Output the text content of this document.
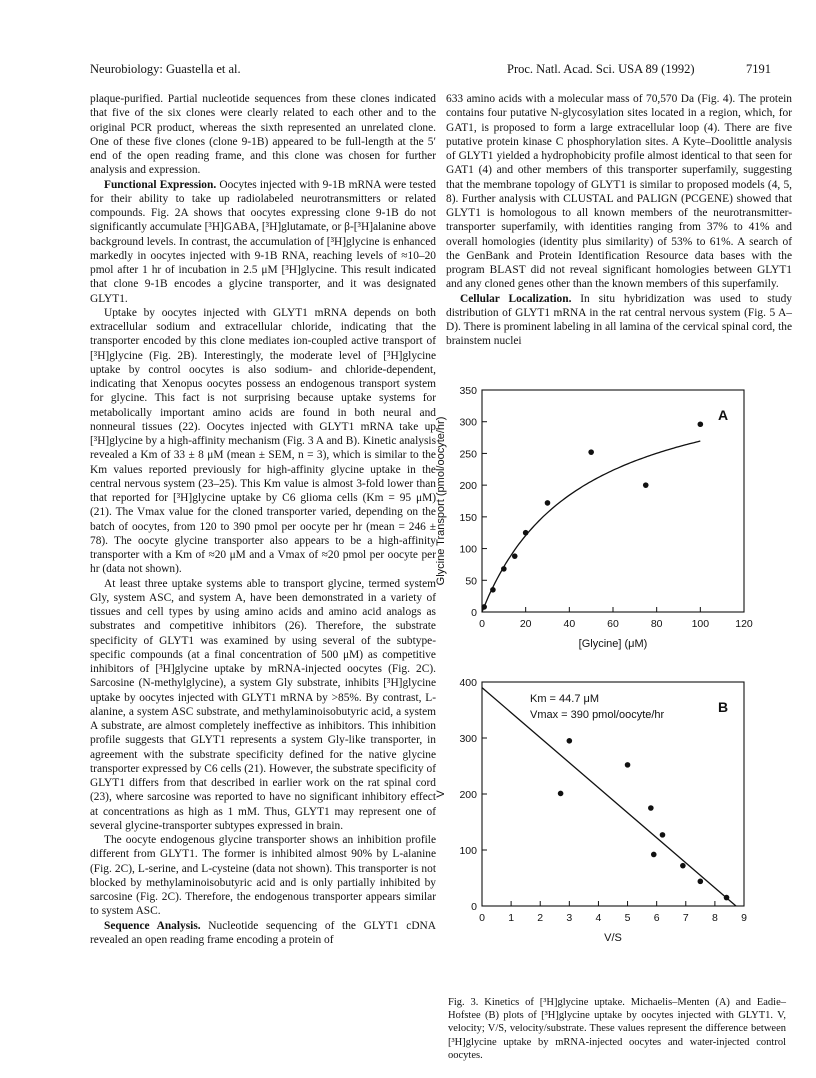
Neurobiology: Guastella et al.	Proc. Natl. Acad. Sci. USA 89 (1992)	7191

plaque-purified. Partial nucleotide sequences from these clones indicated that five of the six clones were clearly related to each other and to the original PCR product, whereas the sixth represented an unrelated clone. One of these five clones (clone 9-1B) appeared to be full-length at the 5′ end of the open reading frame, and this clone was chosen for further analysis and expression.

Functional Expression. Oocytes injected with 9-1B mRNA were tested for their ability to take up radiolabeled neurotransmitters or related compounds. Fig. 2A shows that oocytes expressing clone 9-1B do not significantly accumulate [³H]GABA, [³H]glutamate, or β-[³H]alanine above background levels. In contrast, the accumulation of [³H]glycine is enhanced markedly in oocytes injected with 9-1B RNA, reaching levels of ≈10–20 pmol after 1 hr of incubation in 2.5 μM [³H]glycine. This result indicated that clone 9-1B encodes a glycine transporter, and it was designated GLYT1.

Uptake by oocytes injected with GLYT1 mRNA depends on both extracellular sodium and extracellular chloride, indicating that the transporter encoded by this clone mediates ion-coupled active transport of [³H]glycine (Fig. 2B). Interestingly, the moderate level of [³H]glycine uptake by control oocytes is also sodium- and chloride-dependent, indicating that Xenopus oocytes possess an endogenous transport system for glycine. This fact is not surprising because uptake systems for metabolically important amino acids are found in both neural and nonneural tissues (22). Oocytes injected with GLYT1 mRNA take up [³H]glycine by a high-affinity mechanism (Fig. 3 A and B). Kinetic analysis revealed a Km of 33 ± 8 μM (mean ± SEM, n = 3), which is similar to the Km values reported previously for high-affinity glycine uptake in the central nervous system (23–25). This Km value is almost 3-fold lower than that reported for [³H]glycine uptake by C6 glioma cells (Km = 95 μM) (21). The Vmax value for the cloned transporter varied, depending on the batch of oocytes, from 120 to 390 pmol per oocyte per hr (mean = 246 ± 78). The oocyte glycine transporter also appears to be a high-affinity transporter with a Km of ≈20 μM and a Vmax of ≈20 pmol per oocyte per hr (data not shown).

At least three uptake systems able to transport glycine, termed system Gly, system ASC, and system A, have been demonstrated in a variety of tissues and cell types by using amino acids and amino acid analogs as substrates and competitive inhibitors (26). Therefore, the substrate specificity of GLYT1 was examined by using several of the subtype-specific compounds (at a final concentration of 500 μM) as competitive inhibitors of [³H]glycine uptake by mRNA-injected oocytes (Fig. 2C). Sarcosine (N-methylglycine), a system Gly substrate, inhibits [³H]glycine uptake by oocytes injected with GLYT1 mRNA by >85%. By contrast, L-alanine, a system ASC substrate, and methylaminoisobutyric acid, a system A substrate, are almost completely ineffective as inhibitors. This inhibition profile suggests that GLYT1 represents a system Gly-like transporter, in agreement with the substrate specificity defined for the native glycine transporter expressed by C6 cells (21). However, the substrate specificity of GLYT1 differs from that described in earlier work on the rat spinal cord (23), where sarcosine was reported to have no significant inhibitory effect at concentrations as high as 1 mM. Thus, GLYT1 may represent one of several glycine-transporter subtypes expressed in brain.

The oocyte endogenous glycine transporter shows an inhibition profile different from GLYT1. The former is inhibited almost 90% by L-alanine (Fig. 2C), L-serine, and L-cysteine (data not shown). This transporter is not blocked by methylaminoisobutyric acid and is only partially inhibited by sarcosine (Fig. 2C). Therefore, the endogenous transporter appears similar to system ASC.

Sequence Analysis. Nucleotide sequencing of the GLYT1 cDNA revealed an open reading frame encoding a protein of

633 amino acids with a molecular mass of 70,570 Da (Fig. 4). The protein contains four putative N-glycosylation sites located in a region, which, for GAT1, is proposed to form a large extracellular loop (4). There are five putative protein kinase C phosphorylation sites. A Kyte–Doolittle analysis of GLYT1 yielded a hydrophobicity profile almost identical to that seen for GAT1 (4) and other members of this transporter superfamily, suggesting that the membrane topology of GLYT1 is similar to proposed models (4, 5, 8). Further analysis with CLUSTAL and PALIGN (PCGENE) showed that GLYT1 is homologous to all known members of the neurotransmitter-transporter superfamily, with identities ranging from 37% to 41% and overall homologies (identity plus similarity) of 53% to 61%. A search of the GenBank and Protein Identification Resource data bases with the program BLAST did not reveal significant homologies between GLYT1 and any cloned genes other than the known members of this superfamily.

Cellular Localization. In situ hybridization was used to study distribution of GLYT1 mRNA in the rat central nervous system (Fig. 5 A–D). There is prominent labeling in all lamina of the cervical spinal cord, the brainstem nuclei

0	20	40	60	80	100 120
0
50
100
150
200
250
300
350
A
[Glycine] (μM)
Glycine Transport (pmol/oocyte/hr)
0 1 2 3 4 5 6 7 8 9
0
100
200
300
400
B
V/S
V
Km = 44.7 μM
Vmax = 390 pmol/oocyte/hr
Fig. 3. Kinetics of [³H]glycine uptake. Michaelis–Menten (A) and Eadie–Hofstee (B) plots of [³H]glycine uptake by oocytes injected with GLYT1. V, velocity; V/S, velocity/substrate. These values represent the difference between [³H]glycine uptake by mRNA-injected oocytes and water-injected control oocytes.
